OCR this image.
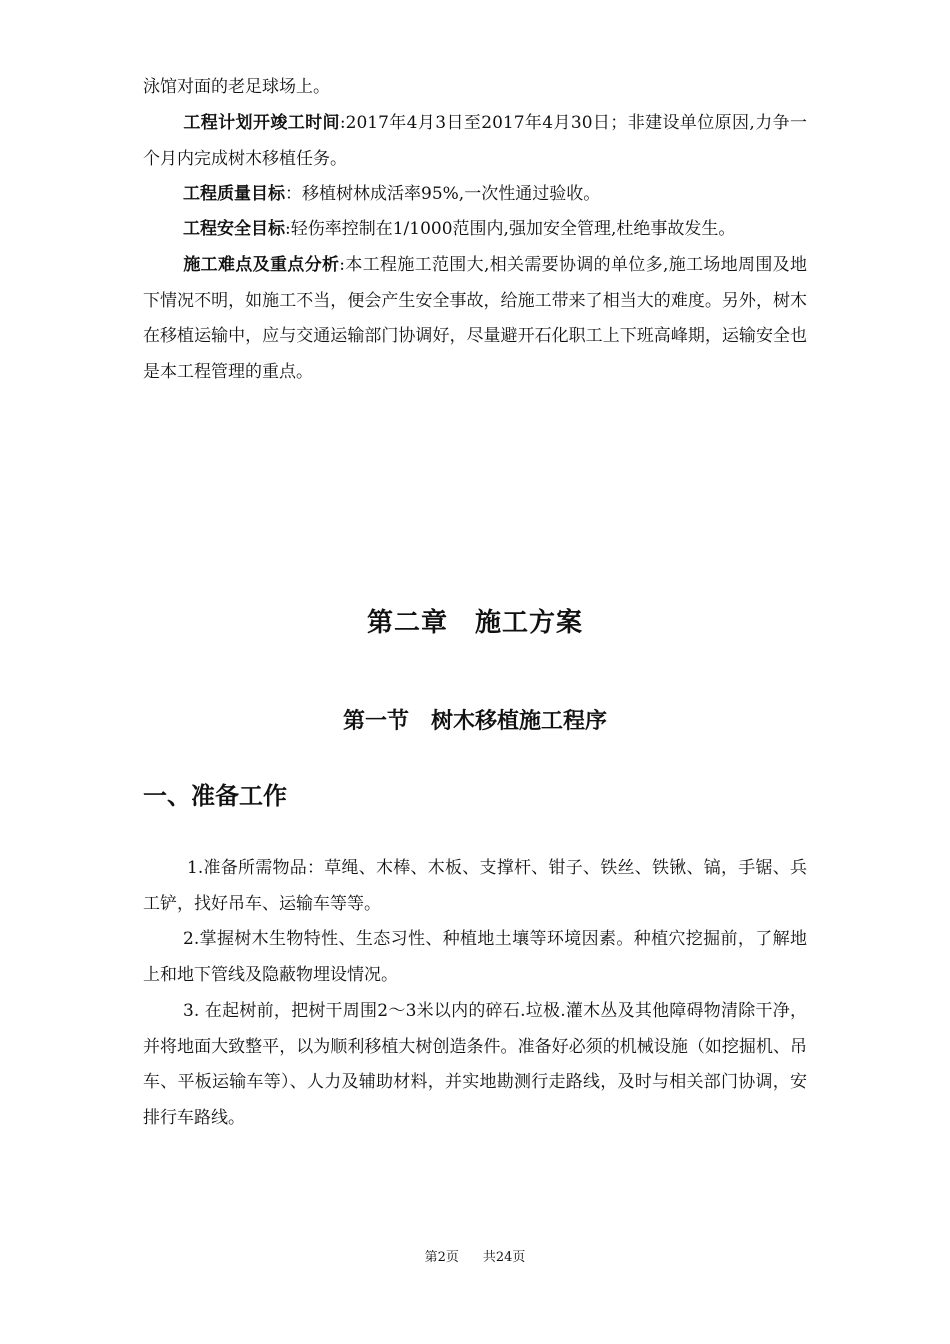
泳馆对面的老足球场上。

工程计划开竣工时间:2017年4月3日至2017年4月30日；非建设单位原因,力争一个月内完成树木移植任务。

工程质量目标：移植树林成活率95%,一次性通过验收。

工程安全目标:轻伤率控制在1/1000范围内,强加安全管理,杜绝事故发生。

施工难点及重点分析:本工程施工范围大,相关需要协调的单位多,施工场地周围及地下情况不明，如施工不当，便会产生安全事故，给施工带来了相当大的难度。另外，树木在移植运输中，应与交通运输部门协调好，尽量避开石化职工上下班高峰期，运输安全也是本工程管理的重点。

第二章　施工方案
第一节　树木移植施工程序
一、准备工作

1.准备所需物品：草绳、木棒、木板、支撑杆、钳子、铁丝、铁锹、镐，手锯、兵工铲，找好吊车、运输车等等。

2.掌握树木生物特性、生态习性、种植地土壤等环境因素。种植穴挖掘前，了解地上和地下管线及隐蔽物埋设情况。

3. 在起树前，把树干周围2～3米以内的碎石.垃极.灌木丛及其他障碍物清除干净，并将地面大致整平，以为顺利移植大树创造条件。准备好必须的机械设施（如挖掘机、吊车、平板运输车等）、人力及辅助材料，并实地勘测行走路线，及时与相关部门协调，安排行车路线。

第2页 共24页
